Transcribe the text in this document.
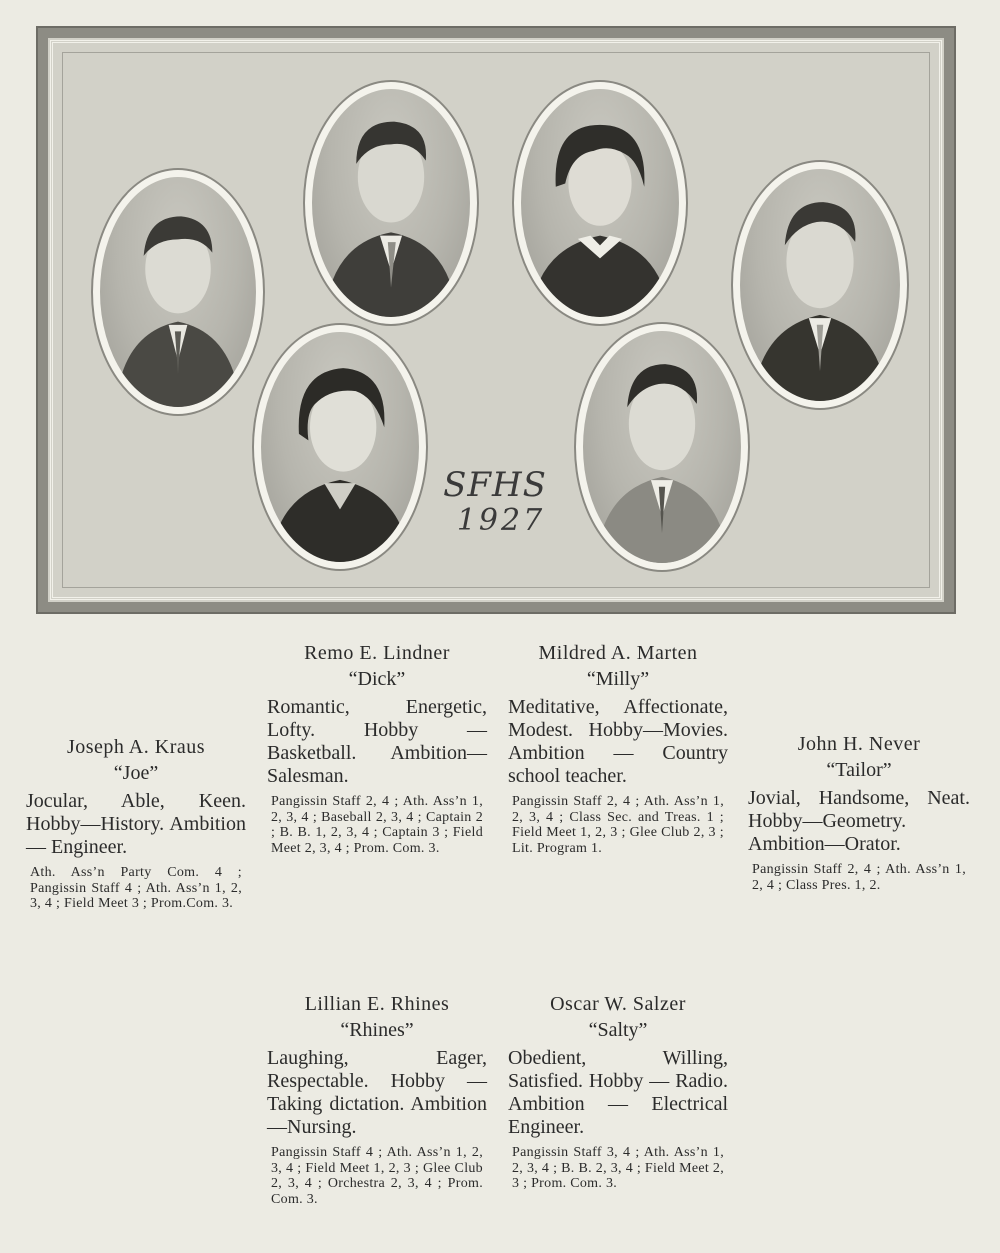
SFHS
1927
Joseph A. Kraus
“Joe”
Jocular, Able, Keen. Hobby—History. Ambition — Engineer.
Ath. Ass’n Party Com. 4 ; Pangissin Staff 4 ; Ath. Ass’n 1, 2, 3, 4 ; Field Meet 3 ; Prom.Com. 3.
Remo E. Lindner
“Dick”
Romantic, Energetic, Lofty. Hobby —Basketball. Ambition—Salesman.
Pangissin Staff 2, 4 ; Ath. Ass’n 1, 2, 3, 4 ; Baseball 2, 3, 4 ; Captain 2 ; B. B. 1, 2, 3, 4 ; Captain 3 ; Field Meet 2, 3, 4 ; Prom. Com. 3.
Mildred A. Marten
“Milly”
Meditative, Affectionate, Modest. Hobby—Movies. Ambition — Country school teacher.
Pangissin Staff 2, 4 ; Ath. Ass’n 1, 2, 3, 4 ; Class Sec. and Treas. 1 ; Field Meet 1, 2, 3 ; Glee Club 2, 3 ; Lit. Program 1.
John H. Never
“Tailor”
Jovial, Handsome, Neat. Hobby—Geometry. Ambition—Orator.
Pangissin Staff 2, 4 ; Ath. Ass’n 1, 2, 4 ; Class Pres. 1, 2.
Lillian E. Rhines
“Rhines”
Laughing, Eager, Respectable. Hobby —Taking dictation. Ambition —Nursing.
Pangissin Staff 4 ; Ath. Ass’n 1, 2, 3, 4 ; Field Meet 1, 2, 3 ; Glee Club 2, 3, 4 ; Orchestra 2, 3, 4 ; Prom. Com. 3.
Oscar W. Salzer
“Salty”
Obedient, Willing, Satisfied. Hobby — Radio. Ambition — Electrical Engineer.
Pangissin Staff 3, 4 ; Ath. Ass’n 1, 2, 3, 4 ; B. B. 2, 3, 4 ; Field Meet 2, 3 ; Prom. Com. 3.
